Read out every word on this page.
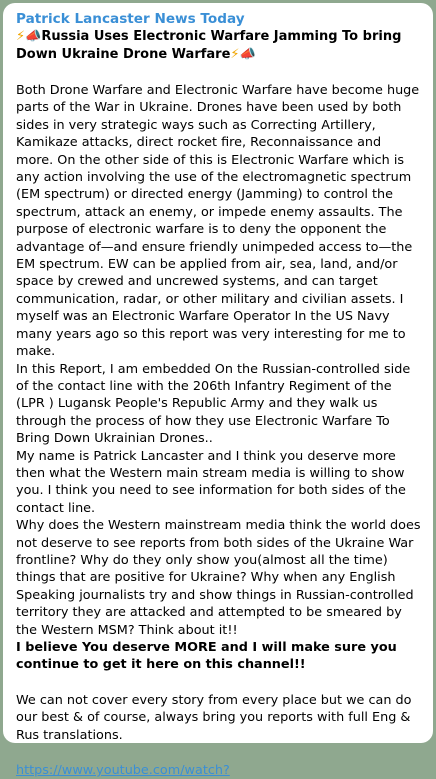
Patrick Lancaster News Today

⚡📣Russia Uses Electronic Warfare Jamming To bring Down Ukraine Drone Warfare⚡📣

Both Drone Warfare and Electronic Warfare have become huge parts of the War in Ukraine. Drones have been used by both sides in very strategic ways such as Correcting Artillery, Kamikaze attacks, direct rocket fire, Reconnaissance and more. On the other side of this is Electronic Warfare which is any action involving the use of the electromagnetic spectrum (EM spectrum) or directed energy (Jamming) to control the spectrum, attack an enemy, or impede enemy assaults. The purpose of electronic warfare is to deny the opponent the advantage of—and ensure friendly unimpeded access to—the EM spectrum. EW can be applied from air, sea, land, and/or space by crewed and uncrewed systems, and can target communication, radar, or other military and civilian assets. I myself was an Electronic Warfare Operator In the US Navy many years ago so this report was very interesting for me to make.

In this Report, I am embedded On the Russian-controlled side of the contact line with the 206th Infantry Regiment of the (LPR ) Lugansk People's Republic Army and they walk us through the process of how they use Electronic Warfare To Bring Down Ukrainian Drones..

My name is Patrick Lancaster and I think you deserve more then what the Western main stream media is willing to show you. I think you need to see information for both sides of the contact line.

Why does the Western mainstream media think the world does not deserve to see reports from both sides of the Ukraine War frontline? Why do they only show you(almost all the time) things that are positive for Ukraine? Why when any English Speaking journalists try and show things in Russian-controlled territory they are attacked and attempted to be smeared by the Western MSM? Think about it!!

I believe You deserve MORE and I will make sure you continue to get it here on this channel!!

We can not cover every story from every place but we can do our best & of course, always bring you reports with full Eng & Rus translations.

https://www.youtube.com/watch?
